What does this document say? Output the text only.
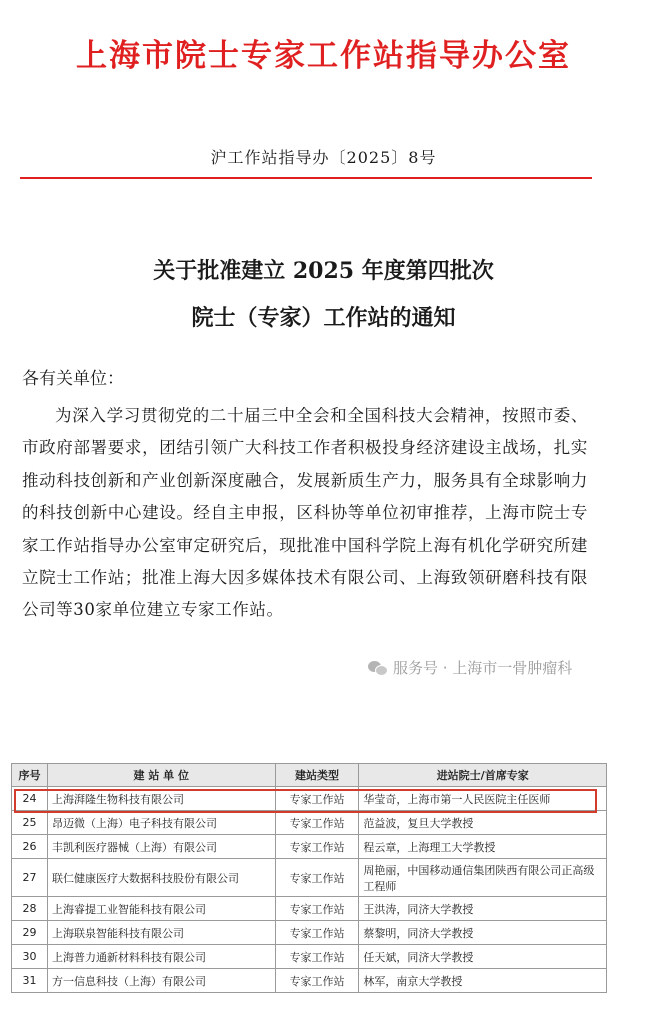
上海市院士专家工作站指导办公室
沪工作站指导办〔2025〕8号
关于批准建立 2025 年度第四批次
院士（专家）工作站的通知
各有关单位：

为深入学习贯彻党的二十届三中全会和全国科技大会精神，按照市委、市政府部署要求，团结引领广大科技工作者积极投身经济建设主战场，扎实推动科技创新和产业创新深度融合，发展新质生产力，服务具有全球影响力的科技创新中心建设。经自主申报，区科协等单位初审推荐，上海市院士专家工作站指导办公室审定研究后，现批准中国科学院上海有机化学研究所建立院士工作站；批准上海大因多媒体技术有限公司、上海致领研磨科技有限公司等30家单位建立专家工作站。

服务号 · 上海市一骨肿瘤科
序号	建 站 单 位	建站类型	进站院士/首席专家
24	上海湃隆生物科技有限公司	专家工作站	华莹奇，上海市第一人民医院主任医师
25	昂迈微（上海）电子科技有限公司	专家工作站	范益波，复旦大学教授
26	丰凯利医疗器械（上海）有限公司	专家工作站	程云章，上海理工大学教授
27	联仁健康医疗大数据科技股份有限公司	专家工作站	周艳丽，中国移动通信集团陕西有限公司正高级工程师
28	上海睿提工业智能科技有限公司	专家工作站	王洪涛，同济大学教授
29	上海联泉智能科技有限公司	专家工作站	蔡黎明，同济大学教授
30	上海普力通新材料科技有限公司	专家工作站	任天斌，同济大学教授
31	方一信息科技（上海）有限公司	专家工作站	林军，南京大学教授
